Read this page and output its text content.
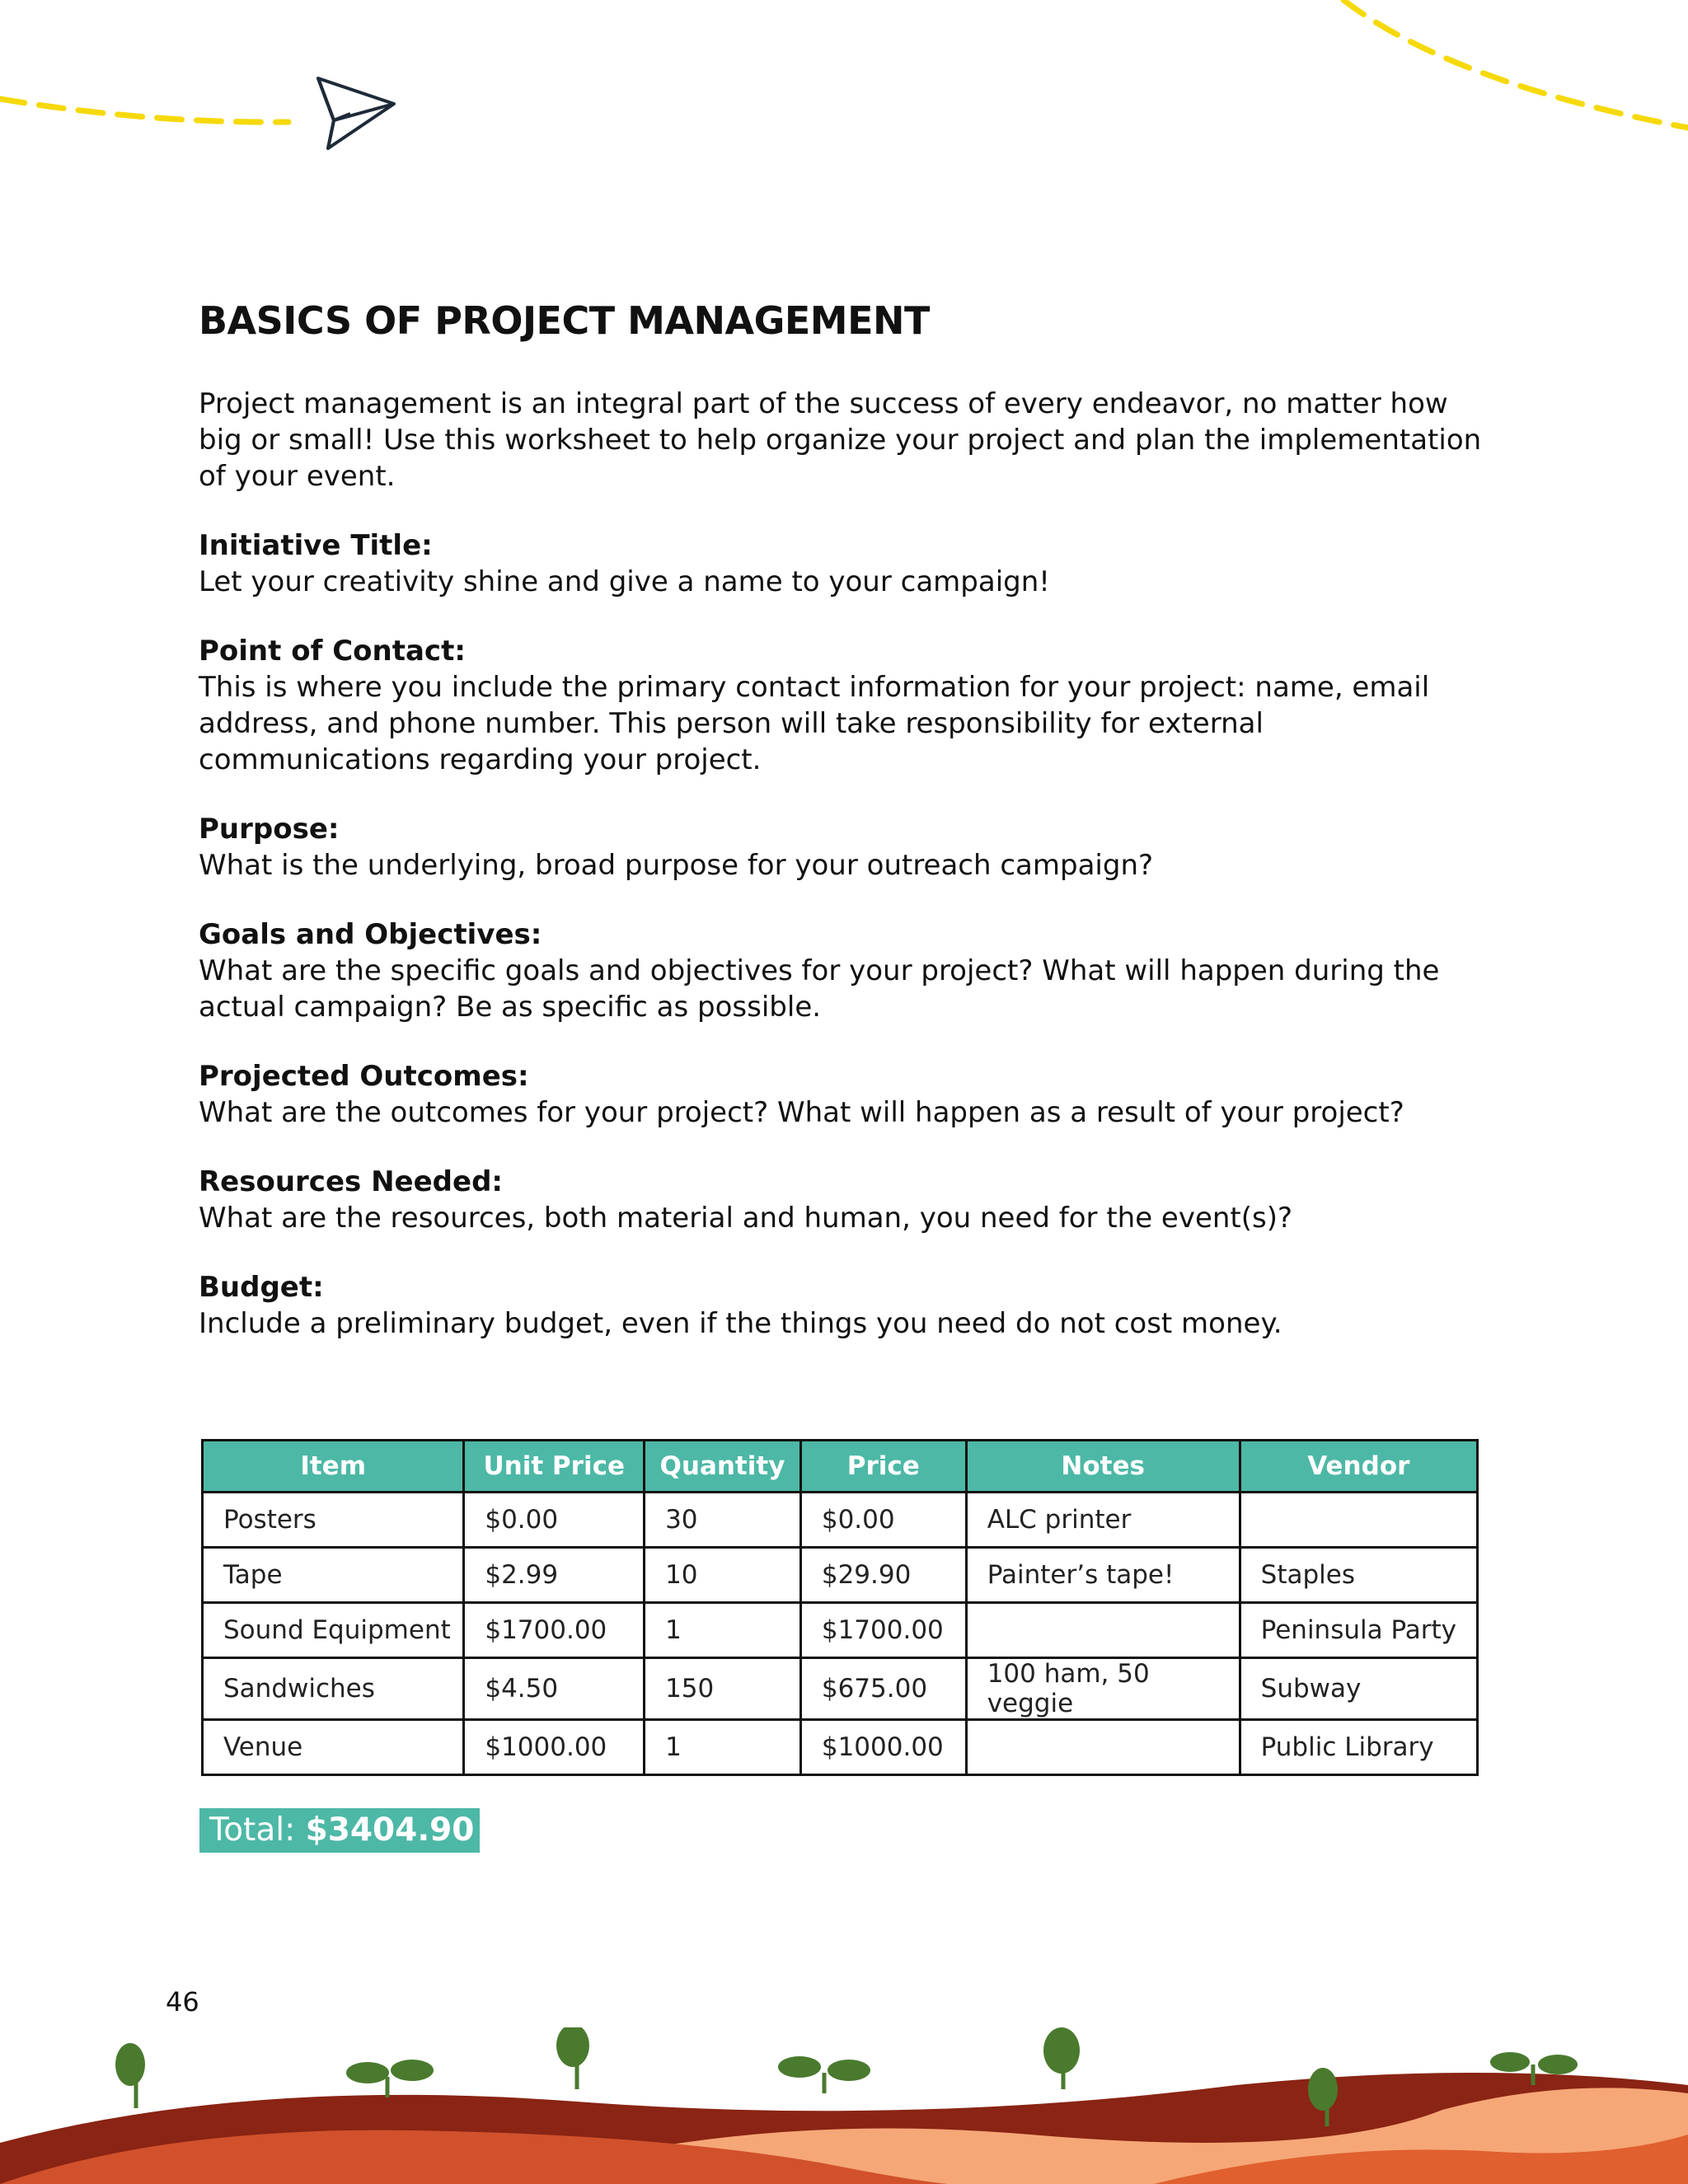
BASICS OF PROJECT MANAGEMENT

Project management is an integral part of the success of every endeavor, no matter how big or small! Use this worksheet to help organize your project and plan the implementation of your event.

Initiative Title:
Let your creativity shine and give a name to your campaign!
Point of Contact:
This is where you include the primary contact information for your project: name, email address, and phone number. This person will take responsibility for external communications regarding your project.
Purpose:
What is the underlying, broad purpose for your outreach campaign?
Goals and Objectives:
What are the specific goals and objectives for your project? What will happen during the actual campaign? Be as specific as possible.
Projected Outcomes:
What are the outcomes for your project? What will happen as a result of your project?
Resources Needed:
What are the resources, both material and human, you need for the event(s)?
Budget:
Include a preliminary budget, even if the things you need do not cost money.
Item	Unit Price	Quantity	Price	Notes	Vendor
Posters	$0.00	30	$0.00	ALC printer	
Tape	$2.99	10	$29.90	Painter’s tape!	Staples
Sound Equipment	$1700.00	1	$1700.00		Peninsula Party
Sandwiches	$4.50	150	$675.00	100 ham, 50 veggie	Subway
Venue	$1000.00	1	$1000.00		Public Library
Total: $3404.90
46
